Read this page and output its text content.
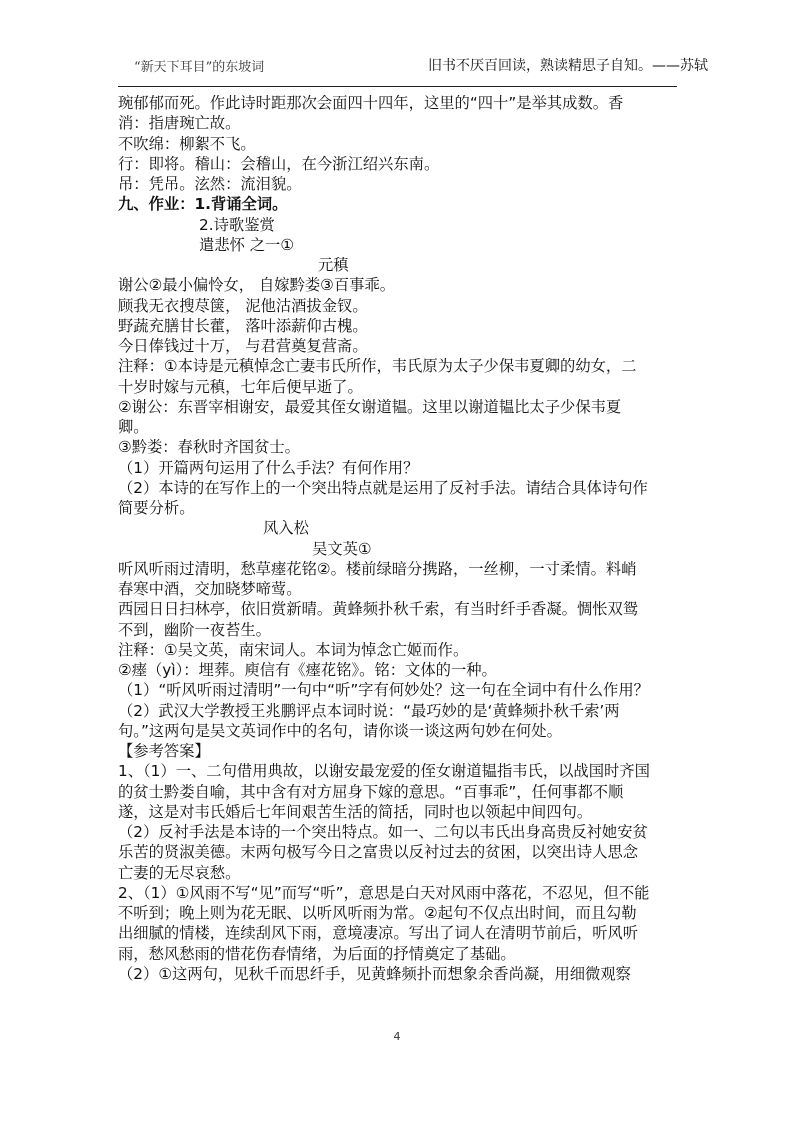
“新天下耳目”的东坡词	旧书不厌百回读，熟读精思子自知。——苏轼
琬郁郁而死。作此诗时距那次会面四十四年，这里的“四十”是举其成数。香
消：指唐琬亡故。
不吹绵：柳絮不飞。
行：即将。稽山：会稽山，在今浙江绍兴东南。
吊：凭吊。泫然：流泪貌。
九、作业：1.背诵全词。
2.诗歌鉴赏
遣悲怀 之一①
元稹
谢公②最小偏怜女， 自嫁黔娄③百事乖。
顾我无衣搜荩箧， 泥他沽酒拔金钗。
野蔬充膳甘长藿， 落叶添薪仰古槐。
今日俸钱过十万， 与君营奠复营斋。
注释：①本诗是元稹悼念亡妻韦氏所作，韦氏原为太子少保韦夏卿的幼女，二
十岁时嫁与元稹，七年后便早逝了。
②谢公：东晋宰相谢安，最爱其侄女谢道韫。这里以谢道韫比太子少保韦夏
卿。
③黔娄：春秋时齐国贫士。
（1）开篇两句运用了什么手法？有何作用？
（2）本诗的在写作上的一个突出特点就是运用了反衬手法。请结合具体诗句作
简要分析。
风入松
吴文英①
听风听雨过清明，愁草瘗花铭②。楼前绿暗分携路，一丝柳，一寸柔情。料峭
春寒中酒，交加晓梦啼莺。
西园日日扫林亭，依旧赏新晴。黄蜂频扑秋千索，有当时纤手香凝。惆怅双鸳
不到，幽阶一夜苔生。
注释：①吴文英，南宋词人。本词为悼念亡姬而作。
②瘗（yì）：埋葬。庾信有《瘗花铭》。铭：文体的一种。
（1）“听风听雨过清明”一句中“听”字有何妙处？这一句在全词中有什么作用？
（2）武汉大学教授王兆鹏评点本词时说：“最巧妙的是‘黄蜂频扑秋千索’两
句。”这两句是吴文英词作中的名句，请你谈一谈这两句妙在何处。
【参考答案】
1、（1）一、二句借用典故，以谢安最宠爱的侄女谢道韫指韦氏，以战国时齐国
的贫士黔娄自喻，其中含有对方屈身下嫁的意思。“百事乖”，任何事都不顺
遂，这是对韦氏婚后七年间艰苦生活的简括，同时也以领起中间四句。
（2）反衬手法是本诗的一个突出特点。如一、二句以韦氏出身高贵反衬她安贫
乐苦的贤淑美德。末两句极写今日之富贵以反衬过去的贫困，以突出诗人思念
亡妻的无尽哀愁。
2、（1）①风雨不写“见”而写“听”，意思是白天对风雨中落花，不忍见，但不能
不听到；晚上则为花无眠、以听风听雨为常。②起句不仅点出时间，而且勾勒
出细腻的情楼，连续刮风下雨，意境凄凉。写出了词人在清明节前后，听风听
雨，愁风愁雨的惜花伤春情绪，为后面的抒情奠定了基础。
（2）①这两句，见秋千而思纤手，见黄蜂频扑而想象余香尚凝，用细微观察
4
